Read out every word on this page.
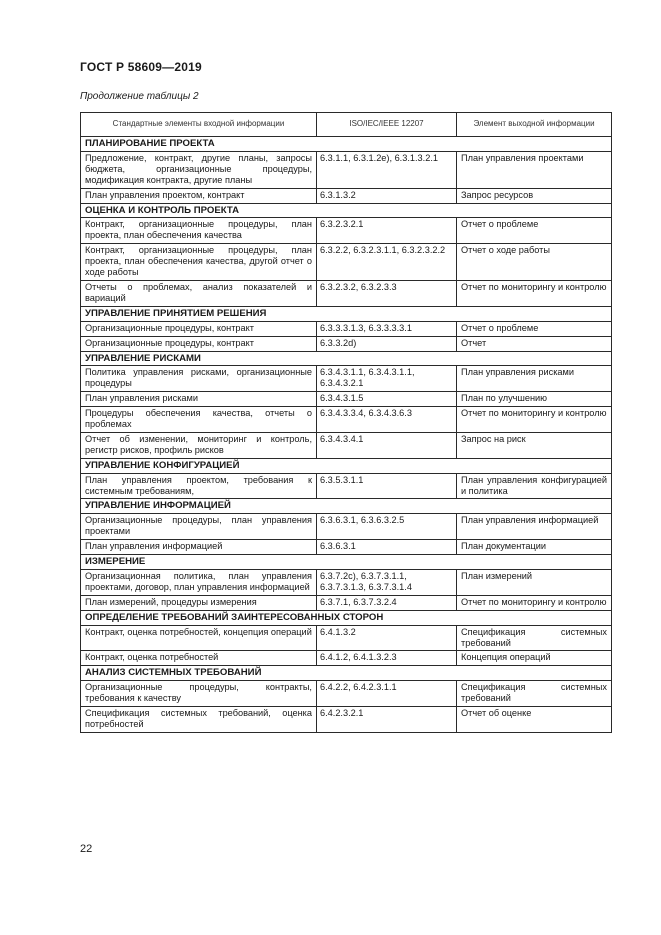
ГОСТ Р 58609—2019
Продолжение таблицы 2
Стандартные элементы входной информации	ISO/IEC/IEEE 12207	Элемент выходной информации
ПЛАНИРОВАНИЕ ПРОЕКТА		
Предложение, контракт, другие планы, запросы бюджета, организационные процедуры, модификация контракта, другие планы	6.3.1.1, 6.3.1.2e), 6.3.1.3.2.1	План управления проектами
План управления проектом, контракт	6.3.1.3.2	Запрос ресурсов
ОЦЕНКА И КОНТРОЛЬ ПРОЕКТА		
Контракт, организационные процедуры, план проекта, план обеспечения качества	6.3.2.3.2.1	Отчет о проблеме
Контракт, организационные процедуры, план проекта, план обеспечения качества, другой отчет о ходе работы	6.3.2.2, 6.3.2.3.1.1, 6.3.2.3.2.2	Отчет о ходе работы
Отчеты о проблемах, анализ показателей и вариаций	6.3.2.3.2, 6.3.2.3.3	Отчет по мониторингу и контролю
УПРАВЛЕНИЕ ПРИНЯТИЕМ РЕШЕНИЯ		
Организационные процедуры, контракт	6.3.3.3.1.3, 6.3.3.3.3.1	Отчет о проблеме
Организационные процедуры, контракт	6.3.3.2d)	Отчет
УПРАВЛЕНИЕ РИСКАМИ		
Политика управления рисками, организационные процедуры	6.3.4.3.1.1, 6.3.4.3.1.1, 6.3.4.3.2.1	План управления рисками
План управления рисками	6.3.4.3.1.5	План по улучшению
Процедуры обеспечения качества, отчеты о проблемах	6.3.4.3.3.4, 6.3.4.3.6.3	Отчет по мониторингу и контролю
Отчет об изменении, мониторинг и контроль, регистр рисков, профиль рисков	6.3.4.3.4.1	Запрос на риск
УПРАВЛЕНИЕ КОНФИГУРАЦИЕЙ		
План управления проектом, требования к системным требованиям,	6.3.5.3.1.1	План управления конфигурацией и политика
УПРАВЛЕНИЕ ИНФОРМАЦИЕЙ		
Организационные процедуры, план управления проектами	6.3.6.3.1, 6.3.6.3.2.5	План управления информацией
План управления информацией	6.3.6.3.1	План документации
ИЗМЕРЕНИЕ		
Организационная политика, план управления проектами, договор, план управления информацией	6.3.7.2c), 6.3.7.3.1.1, 6.3.7.3.1.3, 6.3.7.3.1.4	План измерений
План измерений, процедуры измерения	6.3.7.1, 6.3.7.3.2.4	Отчет по мониторингу и контролю
ОПРЕДЕЛЕНИЕ ТРЕБОВАНИЙ ЗАИНТЕРЕСОВАННЫХ СТОРОН		
Контракт, оценка потребностей, концепция операций	6.4.1.3.2	Спецификация системных требований
Контракт, оценка потребностей	6.4.1.2, 6.4.1.3.2.3	Концепция операций
АНАЛИЗ СИСТЕМНЫХ ТРЕБОВАНИЙ		
Организационные процедуры, контракты, требования к качеству	6.4.2.2, 6.4.2.3.1.1	Спецификация системных требований
Спецификация системных требований, оценка потребностей	6.4.2.3.2.1	Отчет об оценке
22
